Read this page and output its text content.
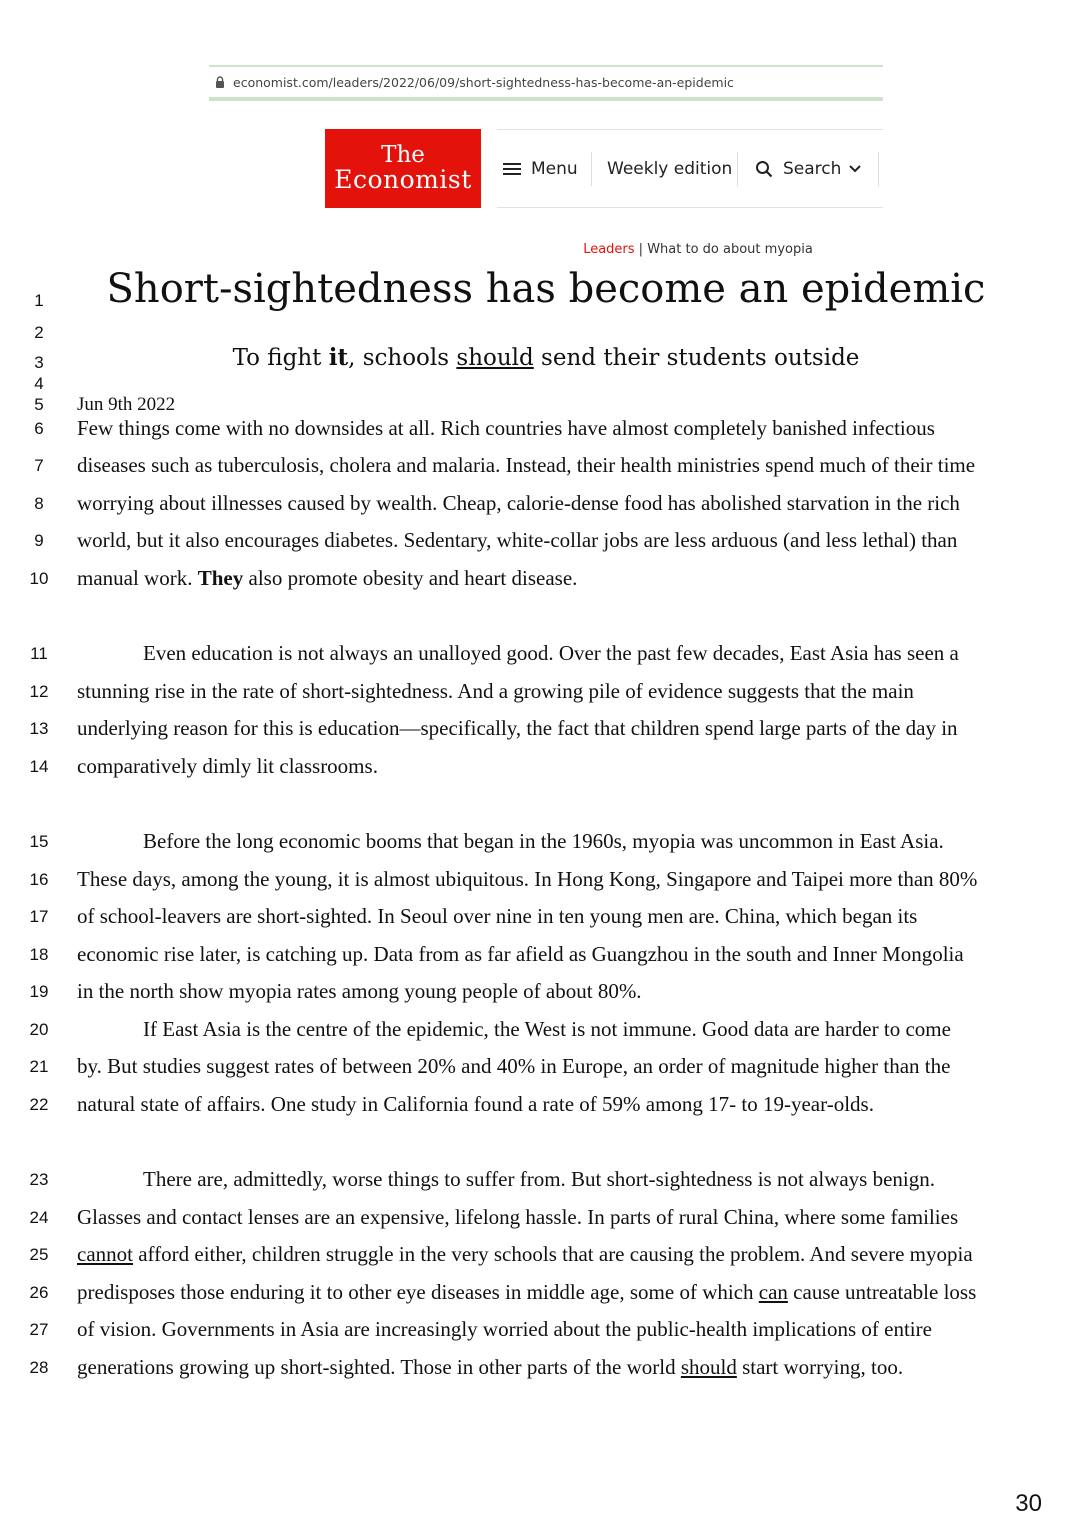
economist.com/leaders/2022/06/09/short-sightedness-has-become-an-epidemic
The
Economist	Menu Weekly edition	Search
Leaders | What to do about myopia
Short-sightedness has become an epidemic
To fight it, schools should send their students outside
Jun 9th 2022
1
2
3
4
5
6
7
8
9
10
11
12
13
14
15
16
17
18
19
20
21
22
23
24
25
26
27
28
Few things come with no downsides at all. Rich countries have almost completely banished infectious
diseases such as tuberculosis, cholera and malaria. Instead, their health ministries spend much of their time
worrying about illnesses caused by wealth. Cheap, calorie-dense food has abolished starvation in the rich
world, but it also encourages diabetes. Sedentary, white-collar jobs are less arduous (and less lethal) than
manual work. They also promote obesity and heart disease.
Even education is not always an unalloyed good. Over the past few decades, East Asia has seen a
stunning rise in the rate of short-sightedness. And a growing pile of evidence suggests that the main
underlying reason for this is education—specifically, the fact that children spend large parts of the day in
comparatively dimly lit classrooms.
Before the long economic booms that began in the 1960s, myopia was uncommon in East Asia.
These days, among the young, it is almost ubiquitous. In Hong Kong, Singapore and Taipei more than 80%
of school-leavers are short-sighted. In Seoul over nine in ten young men are. China, which began its
economic rise later, is catching up. Data from as far afield as Guangzhou in the south and Inner Mongolia
in the north show myopia rates among young people of about 80%.
If East Asia is the centre of the epidemic, the West is not immune. Good data are harder to come
by. But studies suggest rates of between 20% and 40% in Europe, an order of magnitude higher than the
natural state of affairs. One study in California found a rate of 59% among 17- to 19-year-olds.
There are, admittedly, worse things to suffer from. But short-sightedness is not always benign.
Glasses and contact lenses are an expensive, lifelong hassle. In parts of rural China, where some families
cannot afford either, children struggle in the very schools that are causing the problem. And severe myopia
predisposes those enduring it to other eye diseases in middle age, some of which can cause untreatable loss
of vision. Governments in Asia are increasingly worried about the public-health implications of entire
generations growing up short-sighted. Those in other parts of the world should start worrying, too.
30
